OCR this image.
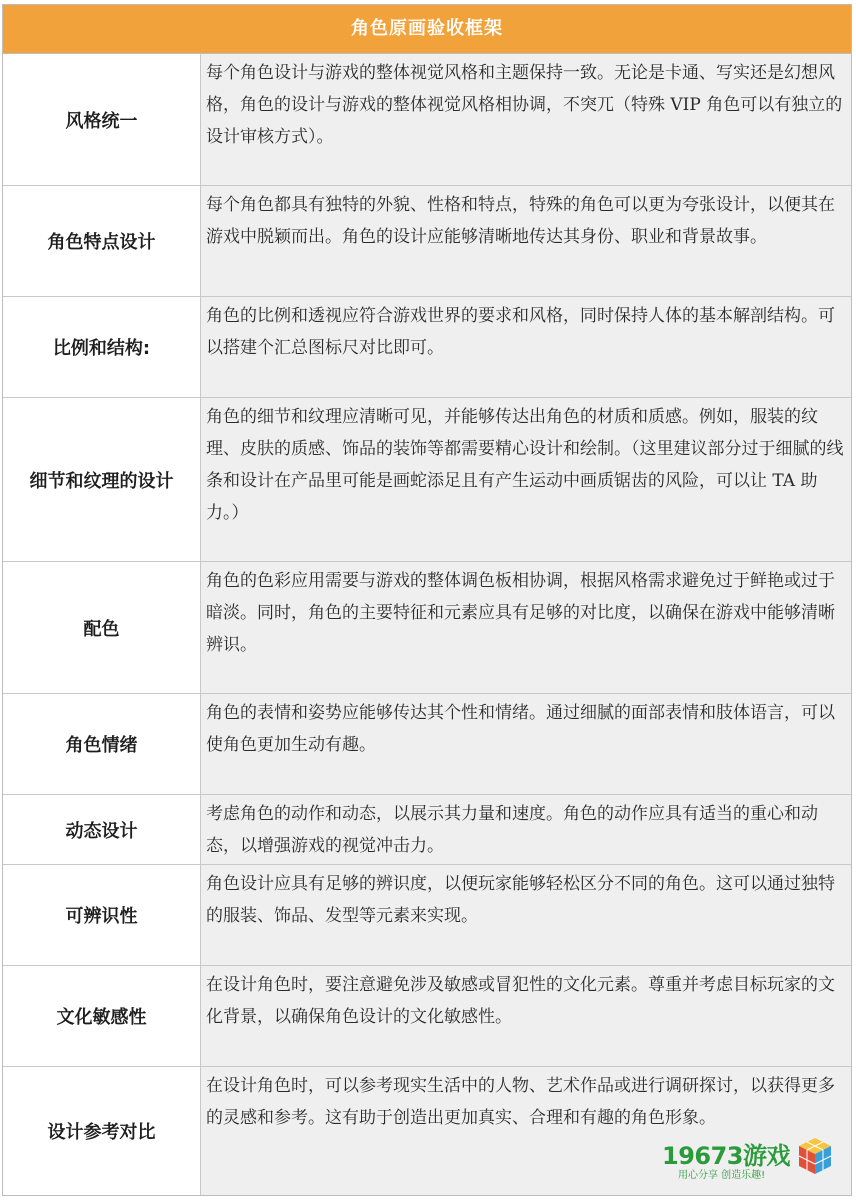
角色原画验收框架
风格统一
每个角色设计与游戏的整体视觉风格和主题保持一致。无论是卡通、写实还是幻想风格，角色的设计与游戏的整体视觉风格相协调，不突兀（特殊 VIP 角色可以有独立的设计审核方式）。
角色特点设计
每个角色都具有独特的外貌、性格和特点，特殊的角色可以更为夸张设计，以便其在游戏中脱颖而出。角色的设计应能够清晰地传达其身份、职业和背景故事。
比例和结构:
角色的比例和透视应符合游戏世界的要求和风格，同时保持人体的基本解剖结构。可以搭建个汇总图标尺对比即可。
细节和纹理的设计
角色的细节和纹理应清晰可见，并能够传达出角色的材质和质感。例如，服装的纹理、皮肤的质感、饰品的装饰等都需要精心设计和绘制。（这里建议部分过于细腻的线条和设计在产品里可能是画蛇添足且有产生运动中画质锯齿的风险，可以让 TA 助力。）
配色
角色的色彩应用需要与游戏的整体调色板相协调，根据风格需求避免过于鲜艳或过于暗淡。同时，角色的主要特征和元素应具有足够的对比度，以确保在游戏中能够清晰辨识。
角色情绪
角色的表情和姿势应能够传达其个性和情绪。通过细腻的面部表情和肢体语言，可以使角色更加生动有趣。
动态设计
考虑角色的动作和动态，以展示其力量和速度。角色的动作应具有适当的重心和动态，以增强游戏的视觉冲击力。
可辨识性
角色设计应具有足够的辨识度，以便玩家能够轻松区分不同的角色。这可以通过独特的服装、饰品、发型等元素来实现。
文化敏感性
在设计角色时，要注意避免涉及敏感或冒犯性的文化元素。尊重并考虑目标玩家的文化背景，以确保角色设计的文化敏感性。
设计参考对比
在设计角色时，可以参考现实生活中的人物、艺术作品或进行调研探讨，以获得更多的灵感和参考。这有助于创造出更加真实、合理和有趣的角色形象。
19673游戏
用心分享 创造乐趣!
